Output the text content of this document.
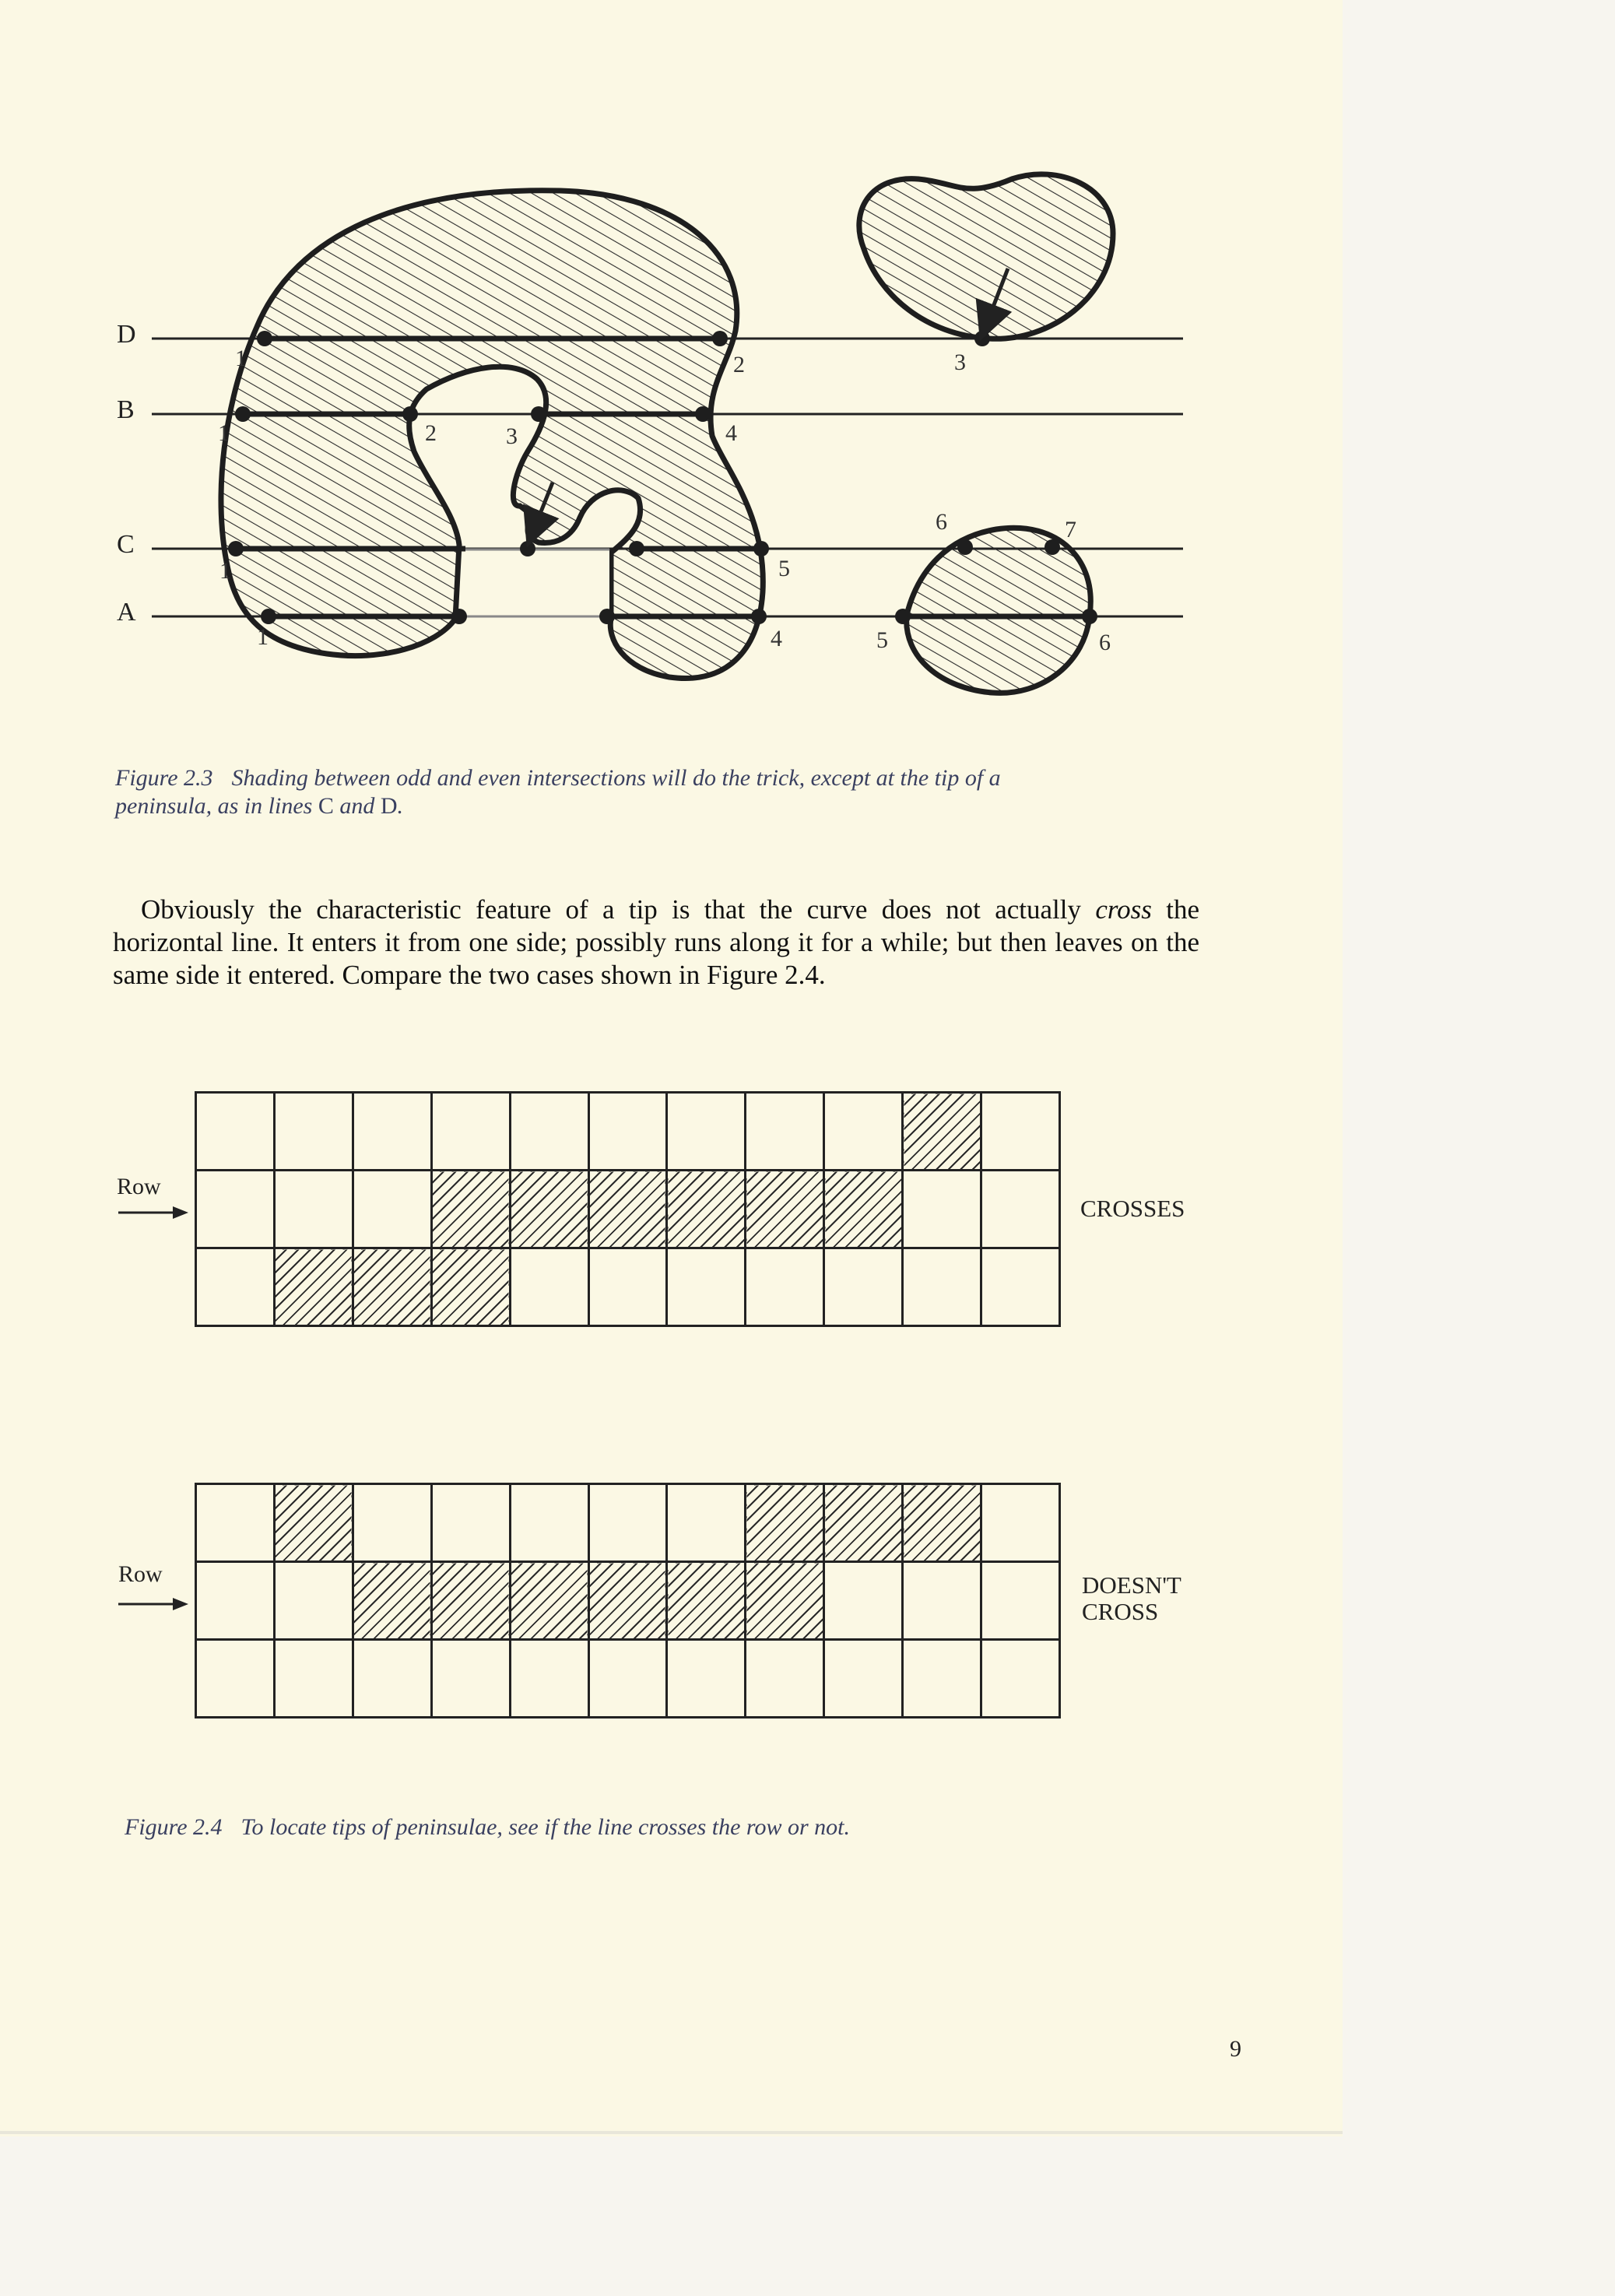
D
B
C
A
1	2	3
1	2	3	4
1	5
6	7
1	4	5	6
Figure 2.3 Shading between odd and even intersections will do the trick, except at the tip of a
peninsula, as in lines C and D.

Obviously the characteristic feature of a tip is that the curve does not actually cross the horizontal line. It enters it from one side; possibly runs along it for a while; but then leaves on the same side it entered. Compare the two cases shown in Figure 2.4.

Row
CROSSES

Row	DOESN'T
CROSS
Figure 2.4 To locate tips of peninsulae, see if the line crosses the row or not.
9
